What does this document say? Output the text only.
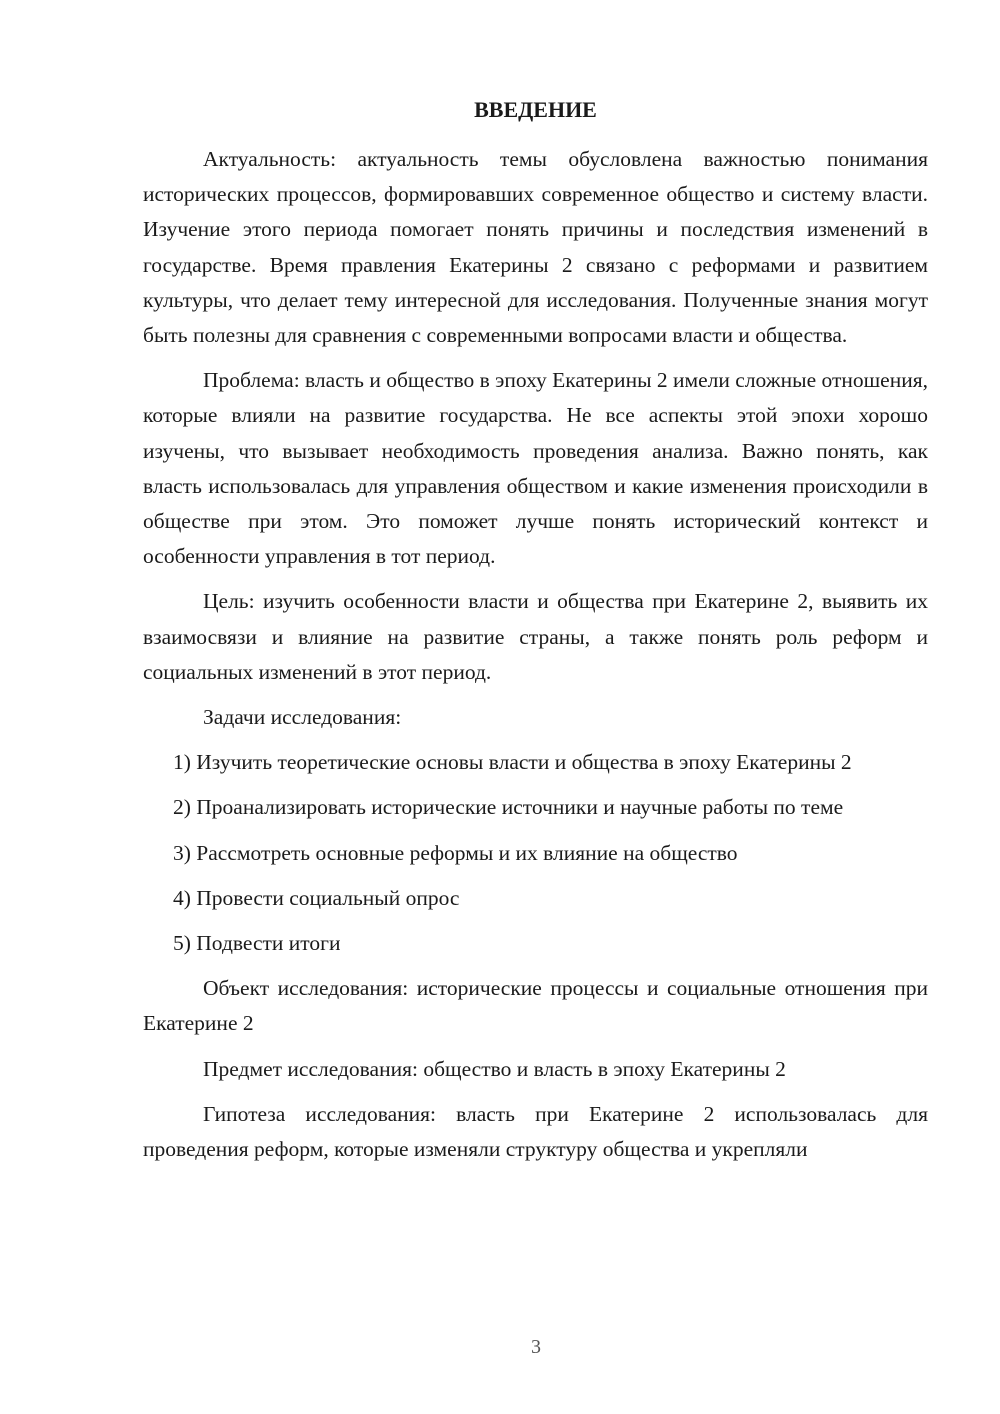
ВВЕДЕНИЕ

Актуальность: актуальность темы обусловлена важностью понимания исторических процессов, формировавших современное общество и систему власти. Изучение этого периода помогает понять причины и последствия изменений в государстве. Время правления Екатерины 2 связано с реформами и развитием культуры, что делает тему интересной для исследования. Полученные знания могут быть полезны для сравнения с современными вопросами власти и общества.

Проблема: власть и общество в эпоху Екатерины 2 имели сложные отношения, которые влияли на развитие государства. Не все аспекты этой эпохи хорошо изучены, что вызывает необходимость проведения анализа. Важно понять, как власть использовалась для управления обществом и какие изменения происходили в обществе при этом. Это поможет лучше понять исторический контекст и особенности управления в тот период.

Цель: изучить особенности власти и общества при Екатерине 2, выявить их взаимосвязи и влияние на развитие страны, а также понять роль реформ и социальных изменений в этот период.

Задачи исследования:

1) Изучить теоретические основы власти и общества в эпоху Екатерины 2

2) Проанализировать исторические источники и научные работы по теме

3) Рассмотреть основные реформы и их влияние на общество

4) Провести социальный опрос

5) Подвести итоги

Объект исследования: исторические процессы и социальные отношения при Екатерине 2

Предмет исследования: общество и власть в эпоху Екатерины 2

Гипотеза исследования: власть при Екатерине 2 использовалась для проведения реформ, которые изменяли структуру общества и укрепляли

3
